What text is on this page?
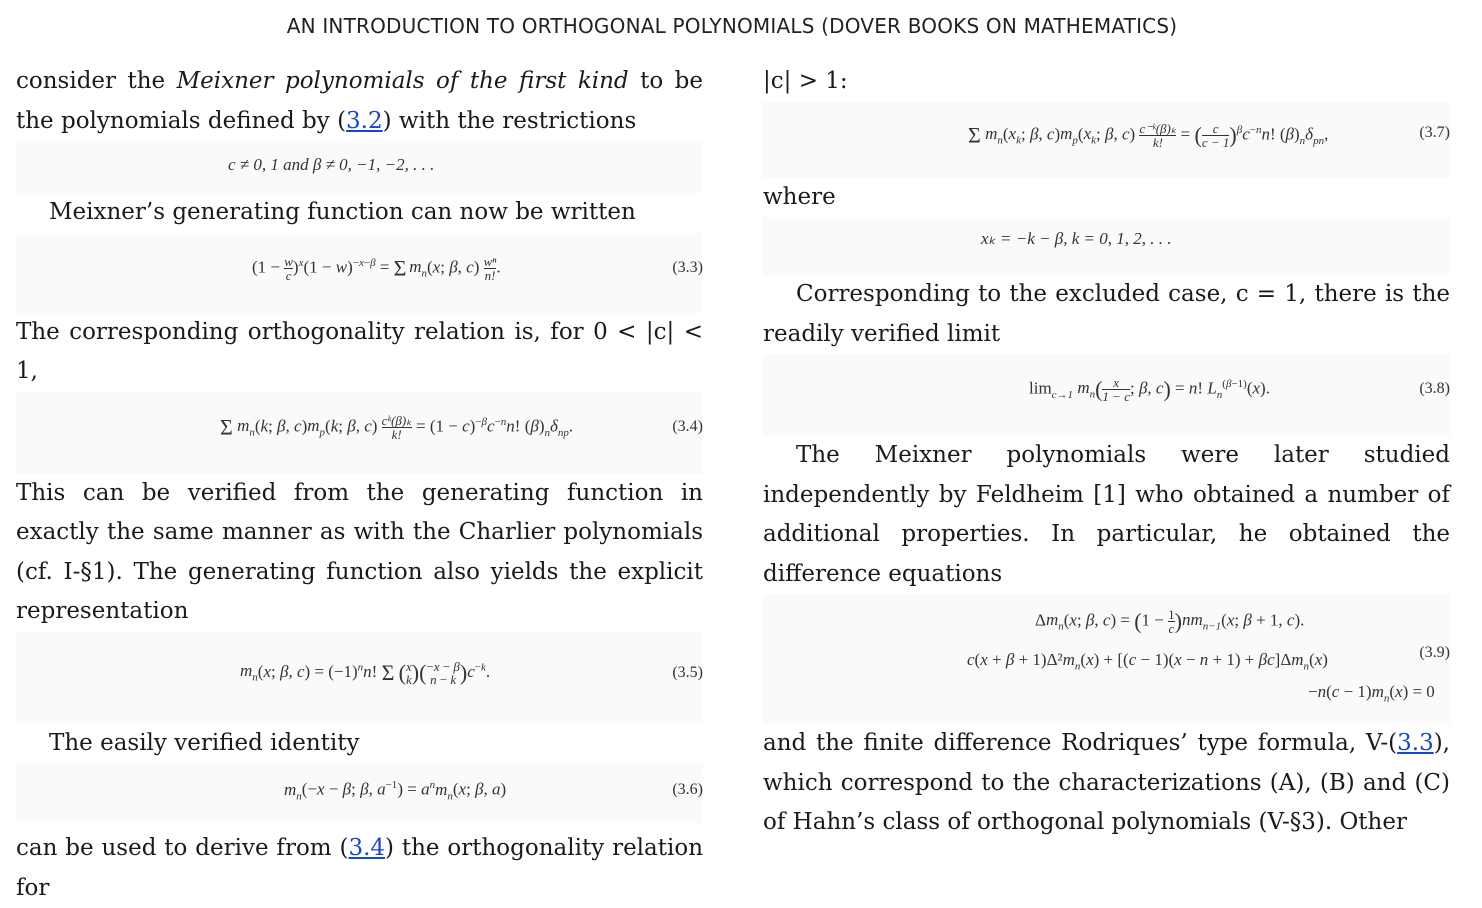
AN INTRODUCTION TO ORTHOGONAL POLYNOMIALS (DOVER BOOKS ON MATHEMATICS)

consider the Meixner polynomials of the first kind to be the polynomials defined by (3.2) with the restrictions

c ≠ 0, 1 and β ≠ 0, −1, −2, . . .

Meixner’s generating function can now be written

$(1 - \frac{w}{c} )^x(1 - w)^{-x-\beta} = \Sigma$ $m_n(x$; β, $c) \frac{\text{wⁿ}}{n!}$ .	(3.3)

The corresponding orthogonality relation is, for 0 < |c| < 1,

Σ $m_n(k$; β, $c)m_p(k$; β, $c) \frac{\text{cᵏ(β)ₖ}}{k!} = (1 - c)^{-\beta}c^{-n}n$! $(\beta)_n\delta_{np}$.	(3.4)

This can be verified from the generating function in exactly the same manner as with the Charlier polynomials (cf. I-§1). The generating function also yields the explicit representation

$m_n(x$; β, $c) = (-1)^nn$! Σ ( x
k )( −x − β
n − k )$c^{-k}$.	(3.5)

The easily verified identity

$m_n(-x - \beta$; β, $a^{-1}) = a^nm_n(x$; β, a)	(3.6)

can be used to derive from (3.4) the orthogonality relation for

|c| > 1:

Σ $m_n(x_k$; β, $c)m_p(x_k$; β, $c) \frac{\text{c⁻ᵏ(β)ₖ}}{k!}$ = ( $\frac{c}{c - 1} )^\beta c^{-n}n$! $(\beta)_n\delta_{pn}$,	(3.7)

where

xₖ = −k − β, k = 0, 1, 2, . . .

Corresponding to the excluded case, c = 1, there is the readily verified limit

$\lim_{c\to 1} m_n( \frac{x}{1 - c}$ ; β, c) = n! $L_n^{(\beta-1)}(x)$.	(3.8)

The Meixner polynomials were later studied independently by Feldheim [1] who obtained a number of additional properties. In particular, he obtained the difference equations

$\Delta m_n(x$; β, $c) = (1 - \frac{1}{c} )nm_{n-1}(x$; β + 1, c).
$c(x + \beta + 1)\Delta^2m_n(x) + [(c - 1)(x - n + 1) + \beta c]\Delta m_n(x)$
$-n(c - 1)m_n(x) = 0$
(3.9)

and the finite difference Rodriques’ type formula, V-(3.3), which correspond to the characterizations (A), (B) and (C) of Hahn’s class of orthogonal polynomials (V-§3). Other
